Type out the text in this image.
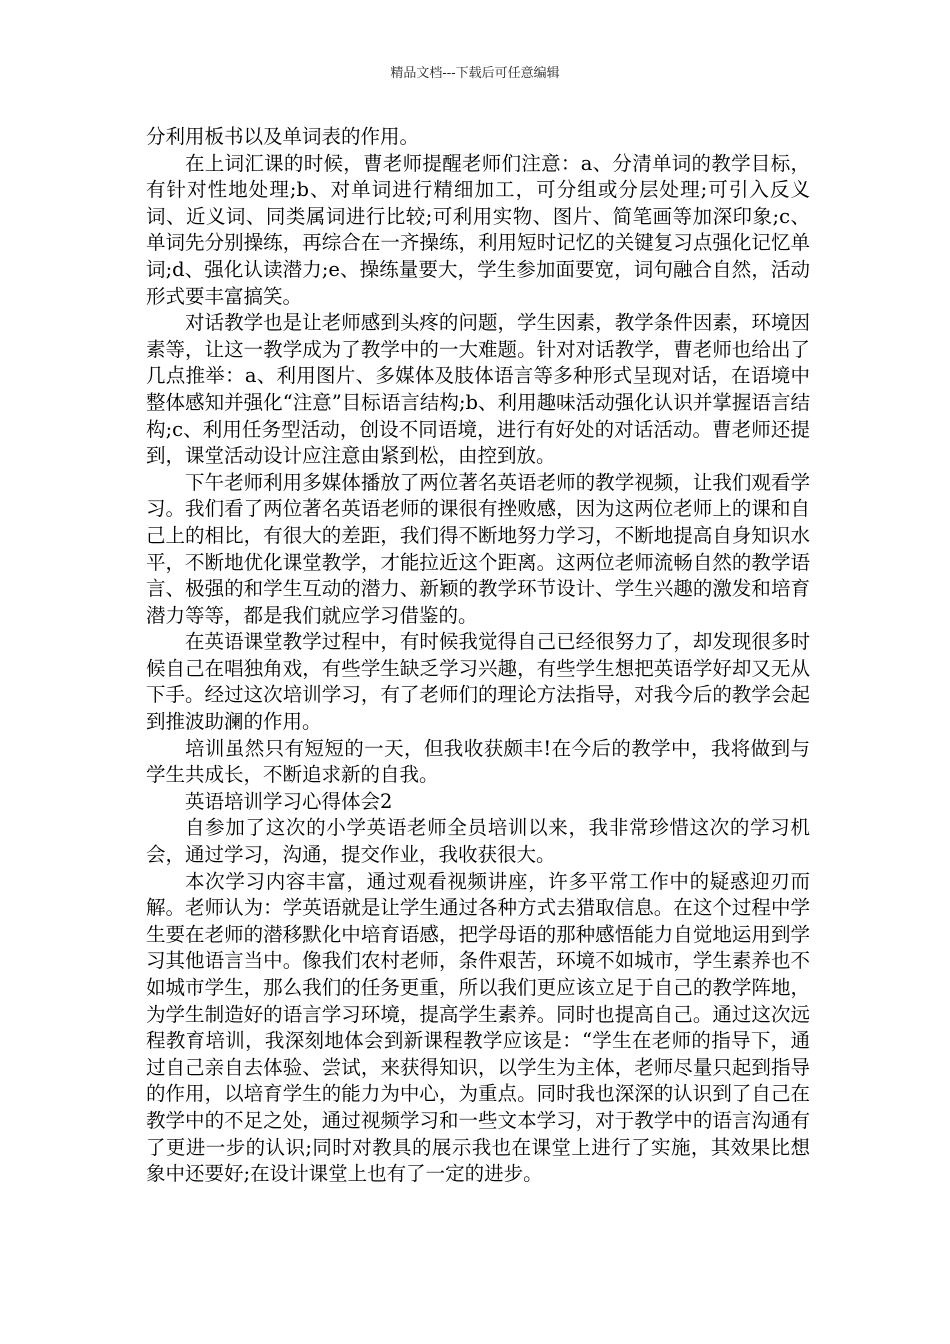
精品文档---下载后可任意编辑

分利用板书以及单词表的作用。

在上词汇课的时候，曹老师提醒老师们注意：a、分清单词的教学目标，有针对性地处理;b、对单词进行精细加工，可分组或分层处理;可引入反义词、近义词、同类属词进行比较;可利用实物、图片、简笔画等加深印象;c、单词先分别操练，再综合在一齐操练，利用短时记忆的关键复习点强化记忆单词;d、强化认读潜力;e、操练量要大，学生参加面要宽，词句融合自然，活动形式要丰富搞笑。

对话教学也是让老师感到头疼的问题，学生因素，教学条件因素，环境因素等，让这一教学成为了教学中的一大难题。针对对话教学，曹老师也给出了几点推举：a、利用图片、多媒体及肢体语言等多种形式呈现对话，在语境中整体感知并强化“注意”目标语言结构;b、利用趣味活动强化认识并掌握语言结构;c、利用任务型活动，创设不同语境，进行有好处的对话活动。曹老师还提到，课堂活动设计应注意由紧到松，由控到放。

下午老师利用多媒体播放了两位著名英语老师的教学视频，让我们观看学习。我们看了两位著名英语老师的课很有挫败感，因为这两位老师上的课和自己上的相比，有很大的差距，我们得不断地努力学习，不断地提高自身知识水平，不断地优化课堂教学，才能拉近这个距离。这两位老师流畅自然的教学语言、极强的和学生互动的潜力、新颖的教学环节设计、学生兴趣的激发和培育潜力等等，都是我们就应学习借鉴的。

在英语课堂教学过程中，有时候我觉得自己已经很努力了，却发现很多时候自己在唱独角戏，有些学生缺乏学习兴趣，有些学生想把英语学好却又无从下手。经过这次培训学习，有了老师们的理论方法指导，对我今后的教学会起到推波助澜的作用。

培训虽然只有短短的一天，但我收获颇丰!在今后的教学中，我将做到与学生共成长，不断追求新的自我。

英语培训学习心得体会2

自参加了这次的小学英语老师全员培训以来，我非常珍惜这次的学习机会，通过学习，沟通，提交作业，我收获很大。

本次学习内容丰富，通过观看视频讲座，许多平常工作中的疑惑迎刃而解。老师认为：学英语就是让学生通过各种方式去猎取信息。在这个过程中学生要在老师的潜移默化中培育语感，把学母语的那种感悟能力自觉地运用到学习其他语言当中。像我们农村老师，条件艰苦，环境不如城市，学生素养也不如城市学生，那么我们的任务更重，所以我们更应该立足于自己的教学阵地，为学生制造好的语言学习环境，提高学生素养。同时也提高自己。通过这次远程教育培训，我深刻地体会到新课程教学应该是：“学生在老师的指导下，通过自己亲自去体验、尝试，来获得知识，以学生为主体，老师尽量只起到指导的作用，以培育学生的能力为中心，为重点。同时我也深深的认识到了自己在教学中的不足之处，通过视频学习和一些文本学习，对于教学中的语言沟通有了更进一步的认识;同时对教具的展示我也在课堂上进行了实施，其效果比想象中还要好;在设计课堂上也有了一定的进步。
